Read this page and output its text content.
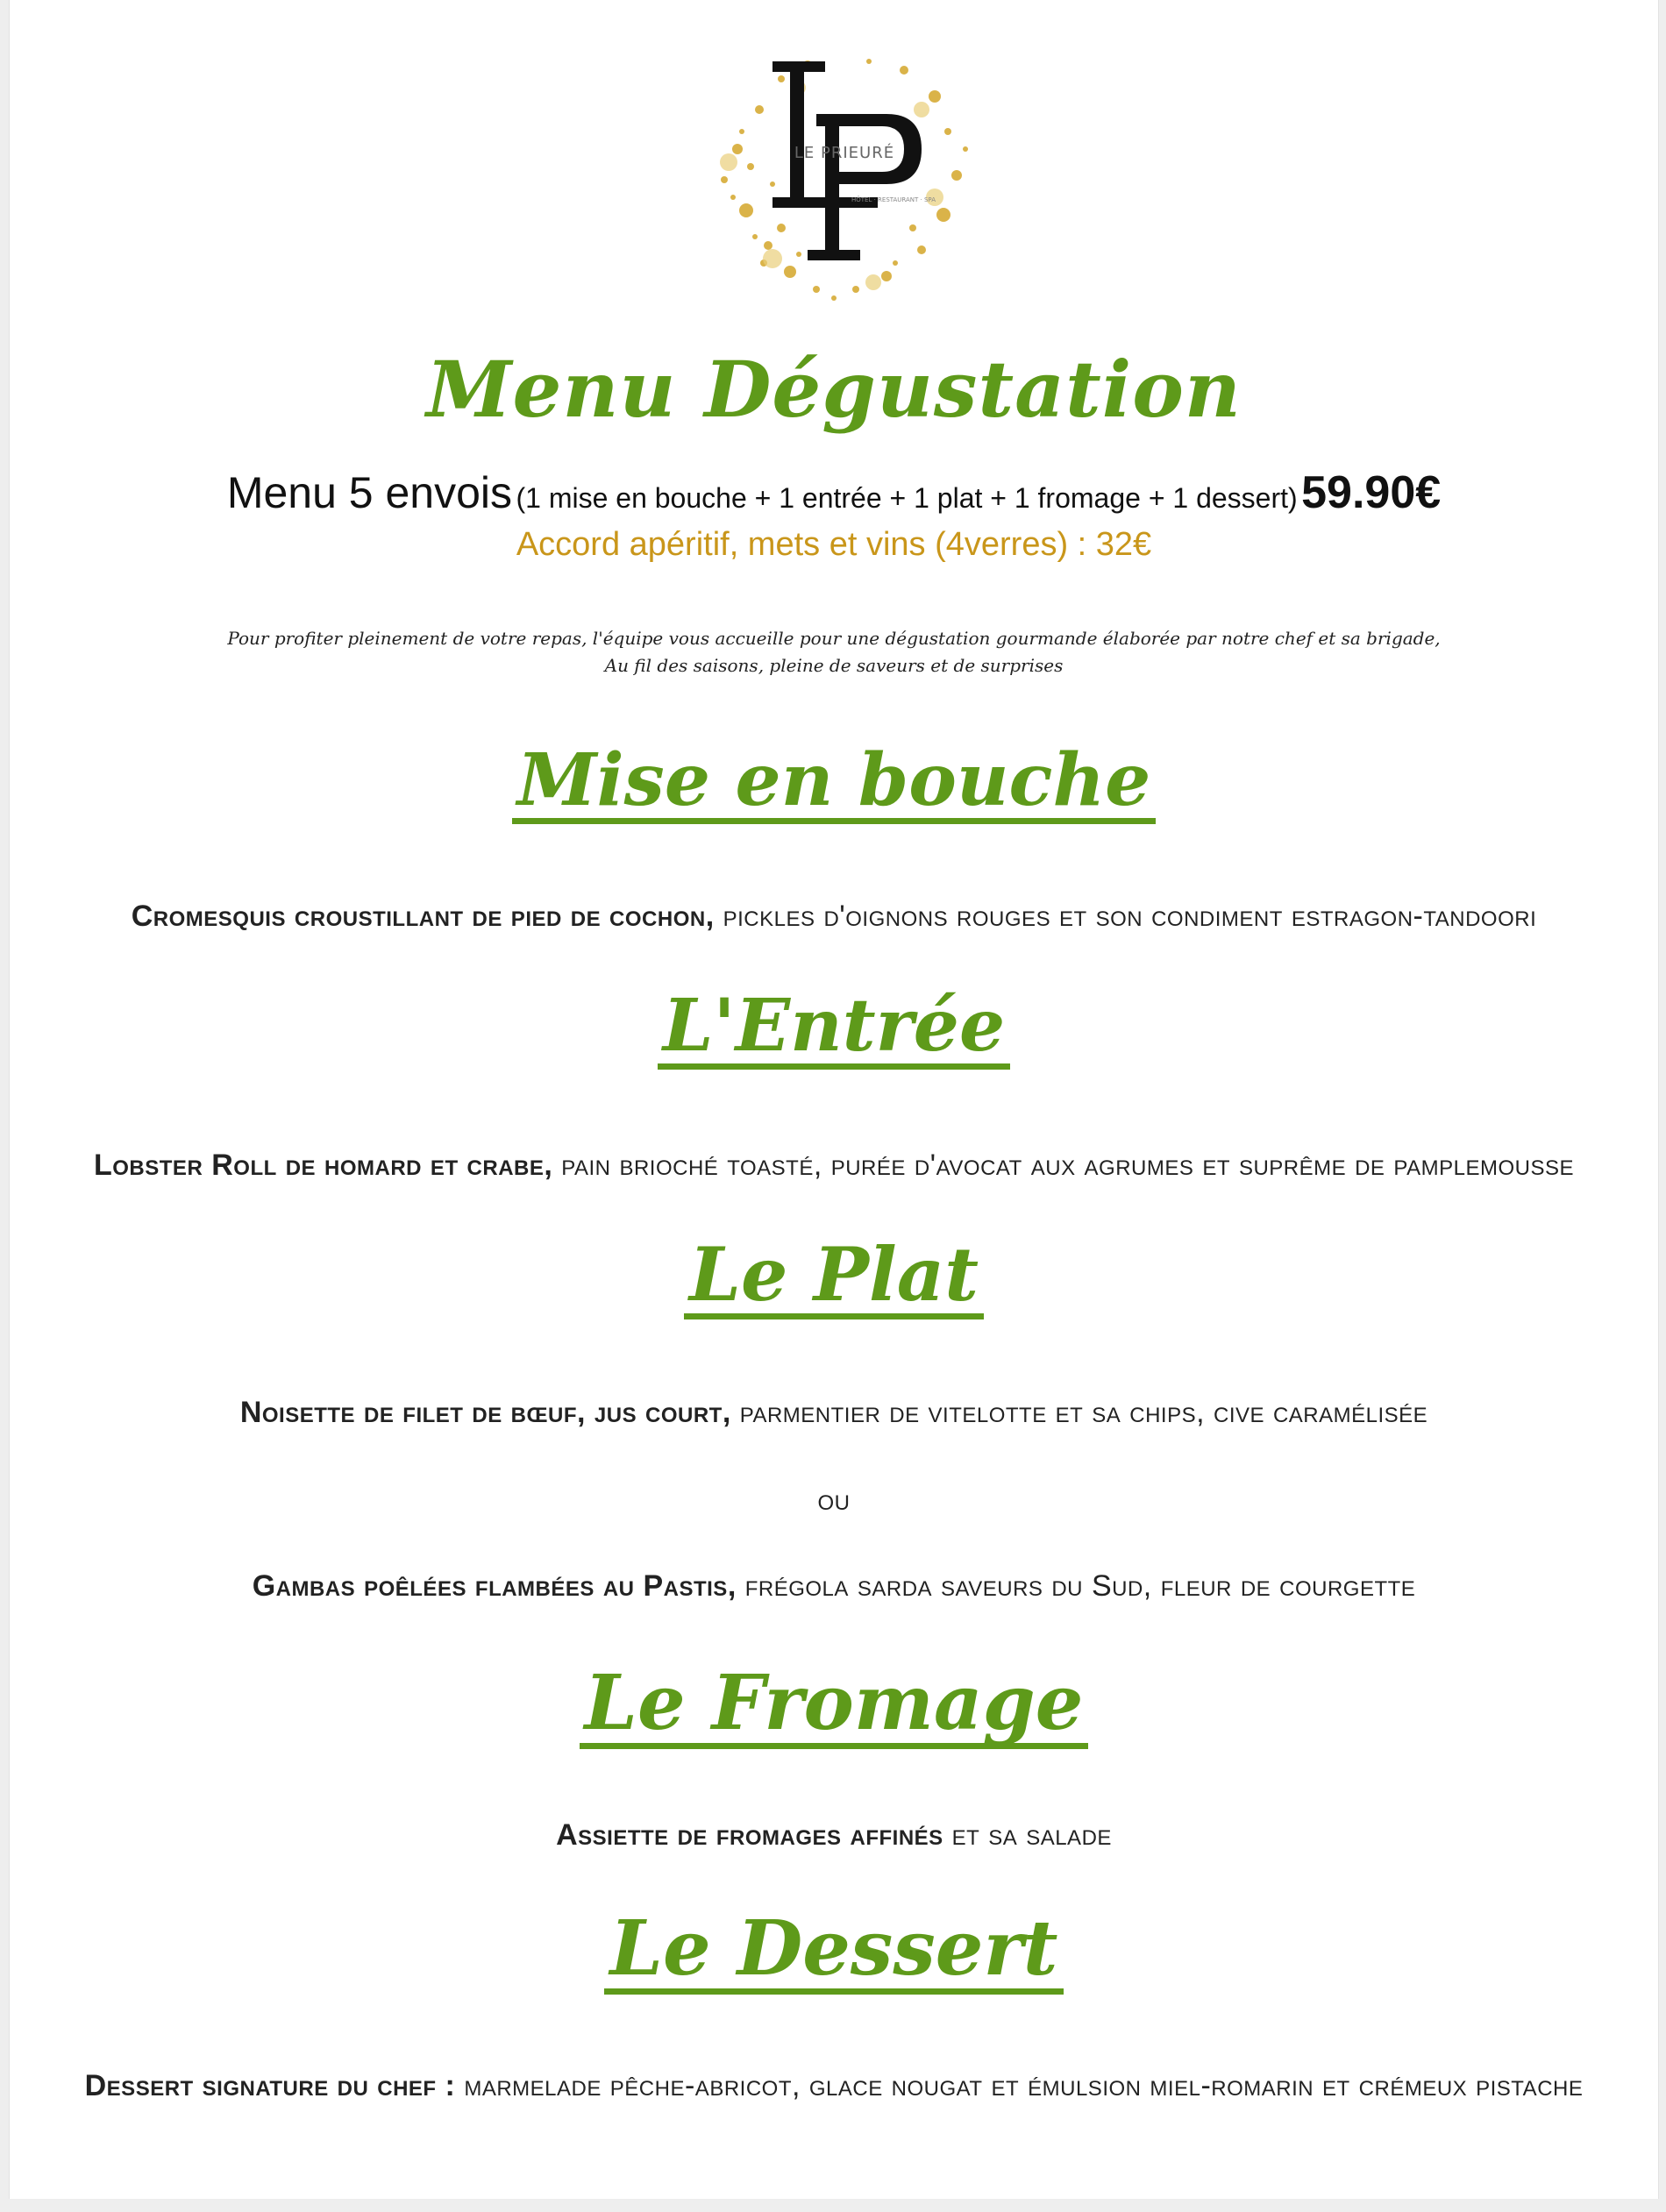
LE PRIEURÉ
HÔTEL · RESTAURANT · SPA
Menu Dégustation
Menu 5 envois (1 mise en bouche + 1 entrée + 1 plat + 1 fromage + 1 dessert) 59.90€
Accord apéritif, mets et vins (4verres) : 32€
Pour profiter pleinement de votre repas, l'équipe vous accueille pour une dégustation gourmande élaborée par notre chef et sa brigade,
Au fil des saisons, pleine de saveurs et de surprises
Mise en bouche
Cromesquis croustillant de pied de cochon, pickles d'oignons rouges et son condiment estragon-tandoori
L'Entrée
Lobster Roll de homard et crabe, pain brioché toasté, purée d'avocat aux agrumes et suprême de pamplemousse
Le Plat
Noisette de filet de bœuf, jus court, parmentier de vitelotte et sa chips, cive caramélisée
ou
Gambas poêlées flambées au Pastis, frégola sarda saveurs du Sud, fleur de courgette
Le Fromage
Assiette de fromages affinés et sa salade
Le Dessert
Dessert signature du chef : marmelade pêche-abricot, glace nougat et émulsion miel-romarin et crémeux pistache
